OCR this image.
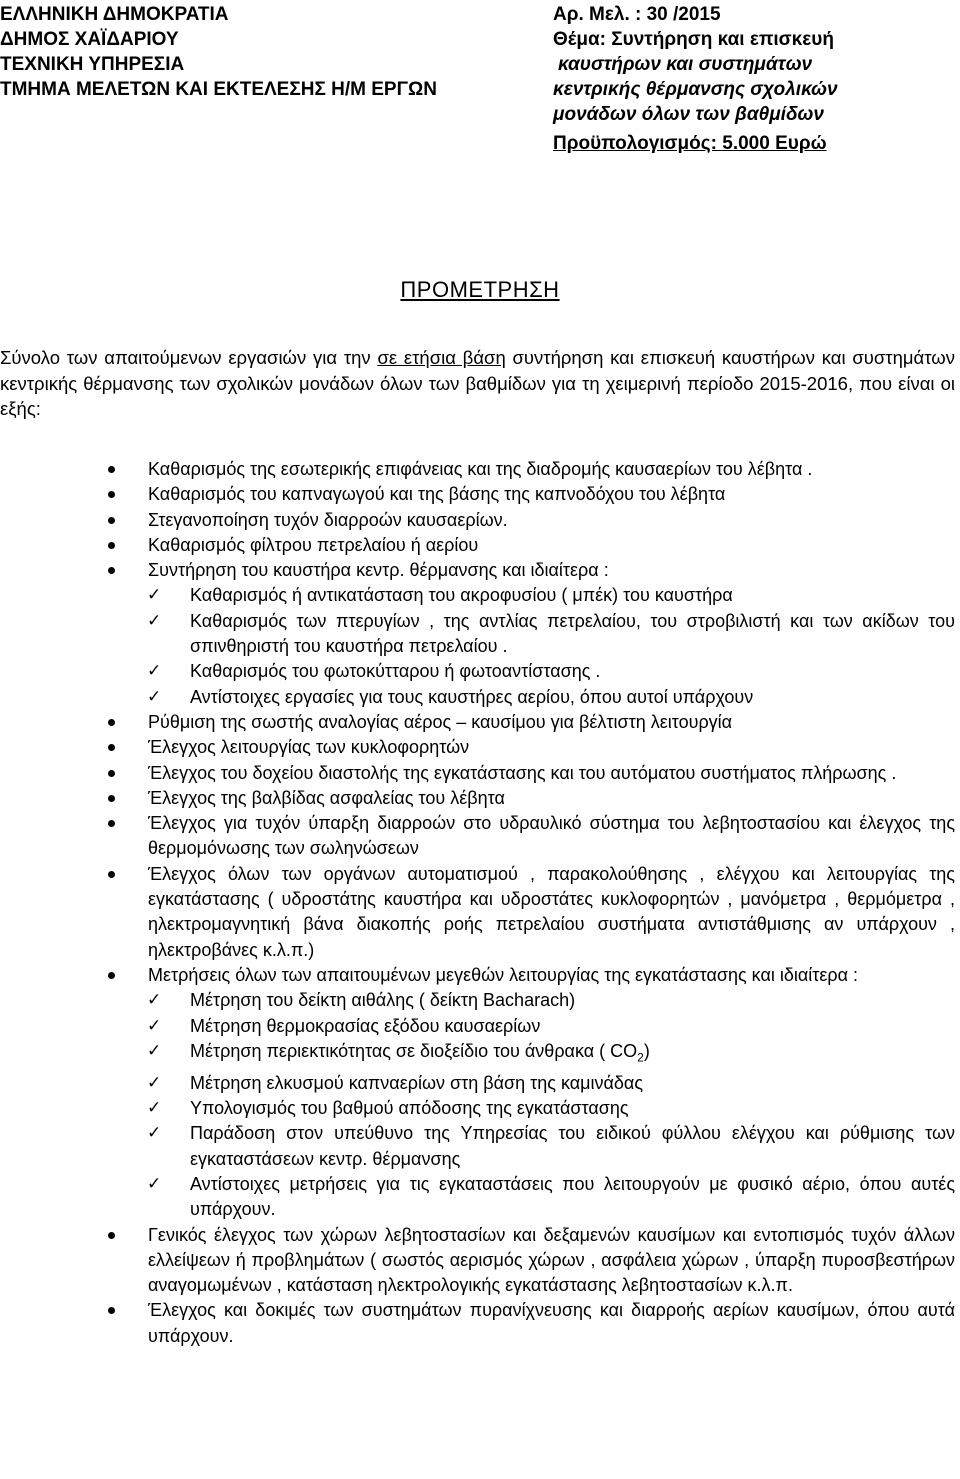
ΕΛΛΗΝΙΚΗ ΔΗΜΟΚΡΑΤΙΑ
ΔΗΜΟΣ ΧΑΪΔΑΡΙΟΥ
ΤΕΧΝΙΚΗ ΥΠΗΡΕΣΙΑ
ΤΜΗΜΑ ΜΕΛΕΤΩΝ ΚΑΙ ΕΚΤΕΛΕΣΗΣ Η/Μ ΕΡΓΩΝ
Αρ. Μελ. : 30 /2015
Θέμα: Συντήρηση και επισκευή
καυστήρων και συστημάτων
κεντρικής θέρμανσης σχολικών
μονάδων όλων των βαθμίδων
Προϋπολογισμός: 5.000 Ευρώ
ΠΡΟΜΕΤΡΗΣΗ
Σύνολο των απαιτούμενων εργασιών για την σε ετήσια βάση συντήρηση και επισκευή καυστήρων και συστημάτων κεντρικής θέρμανσης των σχολικών μονάδων όλων των βαθμίδων για τη χειμερινή περίοδο 2015-2016, που είναι οι εξής:
Καθαρισμός της εσωτερικής επιφάνειας και της διαδρομής καυσαερίων του λέβητα .
Καθαρισμός του καπναγωγού και της βάσης της καπνοδόχου του λέβητα
Στεγανοποίηση τυχόν διαρροών καυσαερίων.
Καθαρισμός φίλτρου πετρελαίου ή αερίου
Συντήρηση του καυστήρα κεντρ. θέρμανσης και ιδιαίτερα :
✓ Καθαρισμός ή αντικατάσταση του ακροφυσίου ( μπέκ) του καυστήρα
✓ Καθαρισμός των πτερυγίων , της αντλίας πετρελαίου, του στροβιλιστή και των ακίδων του σπινθηριστή του καυστήρα πετρελαίου .
✓ Καθαρισμός του φωτοκύτταρου ή φωτοαντίστασης .
✓ Αντίστοιχες εργασίες για τους καυστήρες αερίου, όπου αυτοί υπάρχουν
Ρύθμιση της σωστής αναλογίας αέρος – καυσίμου για βέλτιστη λειτουργία
Έλεγχος λειτουργίας των κυκλοφορητών
Έλεγχος του δοχείου διαστολής της εγκατάστασης και του αυτόματου συστήματος πλήρωσης .
Έλεγχος της βαλβίδας ασφαλείας του λέβητα
Έλεγχος για τυχόν ύπαρξη διαρροών στο υδραυλικό σύστημα του λεβητοστασίου και έλεγχος της θερμομόνωσης των σωληνώσεων
Έλεγχος όλων των οργάνων αυτοματισμού , παρακολούθησης , ελέγχου και λειτουργίας της εγκατάστασης ( υδροστάτης καυστήρα και υδροστάτες κυκλοφορητών , μανόμετρα , θερμόμετρα , ηλεκτρομαγνητική βάνα διακοπής ροής πετρελαίου συστήματα αντιστάθμισης αν υπάρχουν , ηλεκτροβάνες κ.λ.π.)
Μετρήσεις όλων των απαιτουμένων μεγεθών λειτουργίας της εγκατάστασης και ιδιαίτερα :
✓ Μέτρηση του δείκτη αιθάλης ( δείκτη Bacharach)
✓ Μέτρηση θερμοκρασίας εξόδου καυσαερίων
✓ Μέτρηση περιεκτικότητας σε διοξείδιο του άνθρακα ( $CO_2$)
✓ Μέτρηση ελκυσμού καπναερίων στη βάση της καμινάδας
✓ Υπολογισμός του βαθμού απόδοσης της εγκατάστασης
✓ Παράδοση στον υπεύθυνο της Υπηρεσίας του ειδικού φύλλου ελέγχου και ρύθμισης των εγκαταστάσεων κεντρ. θέρμανσης
✓ Αντίστοιχες μετρήσεις για τις εγκαταστάσεις που λειτουργούν με φυσικό αέριο, όπου αυτές υπάρχουν.
Γενικός έλεγχος των χώρων λεβητοστασίων και δεξαμενών καυσίμων και εντοπισμός τυχόν άλλων ελλείψεων ή προβλημάτων ( σωστός αερισμός χώρων , ασφάλεια χώρων , ύπαρξη πυροσβεστήρων αναγομωμένων , κατάσταση ηλεκτρολογικής εγκατάστασης λεβητοστασίων κ.λ.π.
Έλεγχος και δοκιμές των συστημάτων πυρανίχνευσης και διαρροής αερίων καυσίμων, όπου αυτά υπάρχουν.
